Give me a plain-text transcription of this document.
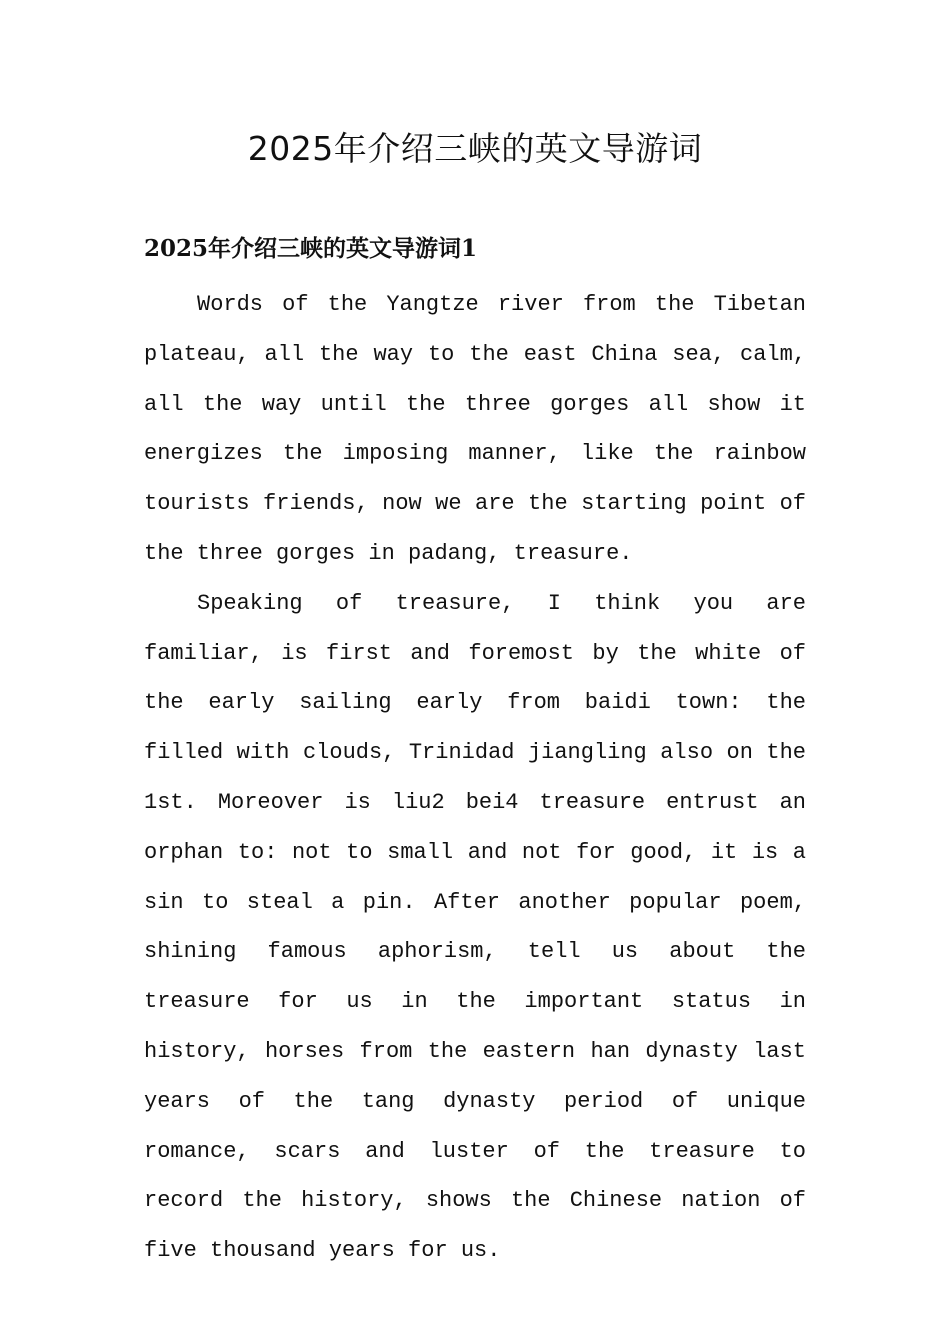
2025年介绍三峡的英文导游词
2025年介绍三峡的英文导游词1

Words of the Yangtze river from the Tibetan plateau, all the way to the east China sea, calm, all the way until the three gorges all show it energizes the imposing manner, like the rainbow tourists friends, now we are the starting point of the three gorges in padang, treasure.

Speaking of treasure, I think you are familiar, is first and foremost by the white of the early sailing early from baidi town: the filled with clouds, Trinidad jiangling also on the 1st. Moreover is liu2 bei4 treasure entrust an orphan to: not to small and not for good, it is a sin to steal a pin. After another popular poem, shining famous aphorism, tell us about the treasure for us in the important status in history, horses from the eastern han dynasty last years of the tang dynasty period of unique romance, scars and luster of the treasure to record the history, shows the Chinese nation of five thousand years for us.
